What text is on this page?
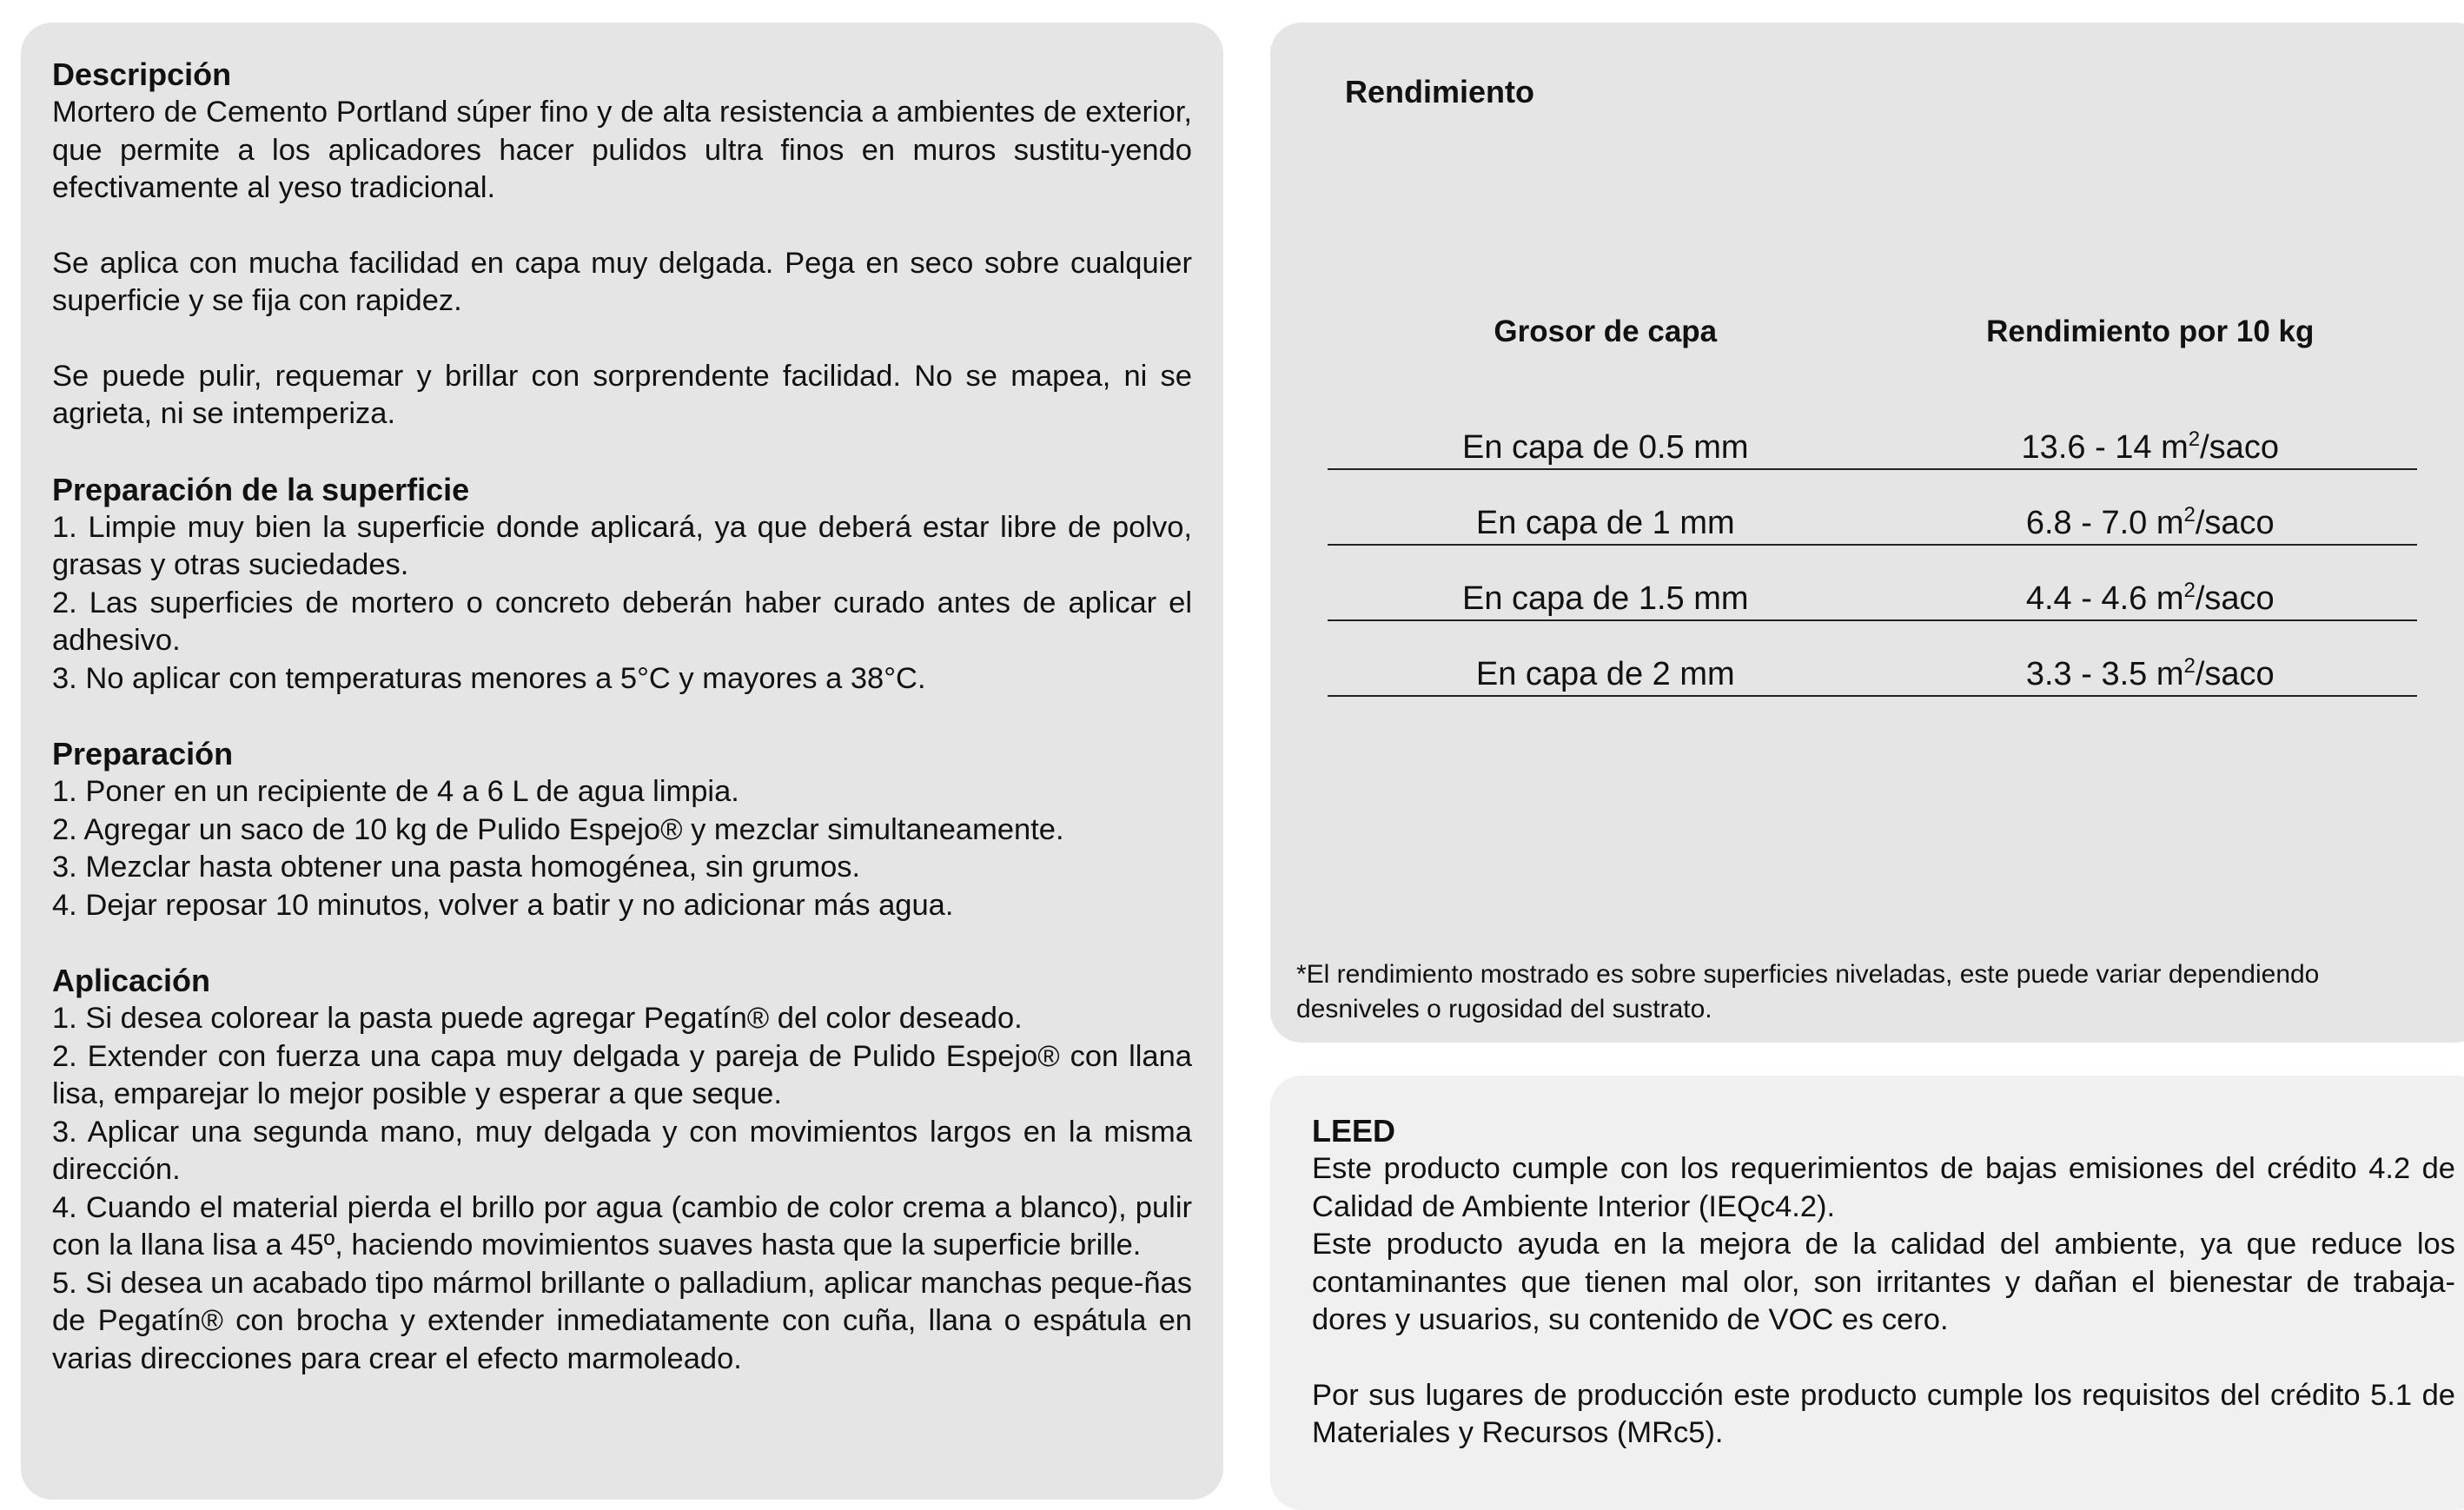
Descripción

Mortero de Cemento Portland súper fino y de alta resistencia a ambientes de exterior, que permite a los aplicadores hacer pulidos ultra finos en muros sustitu-yendo efectivamente al yeso tradicional.

Se aplica con mucha facilidad en capa muy delgada. Pega en seco sobre cualquier superficie y se fija con rapidez.

Se puede pulir, requemar y brillar con sorprendente facilidad. No se mapea, ni se agrieta, ni se intemperiza.

Preparación de la superficie
1. Limpie muy bien la superficie donde aplicará, ya que deberá estar libre de polvo, grasas y otras suciedades.
2. Las superficies de mortero o concreto deberán haber curado antes de aplicar el adhesivo.
3. No aplicar con temperaturas menores a 5°C y mayores a 38°C.
Preparación
1. Poner en un recipiente de 4 a 6 L de agua limpia.
2. Agregar un saco de 10 kg de Pulido Espejo® y mezclar simultaneamente.
3. Mezclar hasta obtener una pasta homogénea, sin grumos.
4. Dejar reposar 10 minutos, volver a batir y no adicionar más agua.
Aplicación
1. Si desea colorear la pasta puede agregar Pegatín® del color deseado.
2. Extender con fuerza una capa muy delgada y pareja de Pulido Espejo® con llana lisa, emparejar lo mejor posible y esperar a que seque.
3. Aplicar una segunda mano, muy delgada y con movimientos largos en la misma dirección.
4. Cuando el material pierda el brillo por agua (cambio de color crema a blanco), pulir con la llana lisa a 45º, haciendo movimientos suaves hasta que la superficie brille.
5. Si desea un acabado tipo mármol brillante o palladium, aplicar manchas peque-ñas de Pegatín® con brocha y extender inmediatamente con cuña, llana o espátula en varias direcciones para crear el efecto marmoleado.
Rendimiento
Grosor de capa	Rendimiento por 10 kg
En capa de 0.5 mm	13.6 - 14 $m^2$/saco
En capa de 1 mm	6.8 - 7.0 $m^2$/saco
En capa de 1.5 mm	4.4 - 4.6 $m^2$/saco
En capa de 2 mm	3.3 - 3.5 $m^2$/saco
*El rendimiento mostrado es sobre superficies niveladas, este puede variar dependiendo desniveles o rugosidad del sustrato.
LEED

Este producto cumple con los requerimientos de bajas emisiones del crédito 4.2 de Calidad de Ambiente Interior (IEQc4.2).

Este producto ayuda en la mejora de la calidad del ambiente, ya que reduce los contaminantes que tienen mal olor, son irritantes y dañan el bienestar de trabaja-dores y usuarios, su contenido de VOC es cero.

Por sus lugares de producción este producto cumple los requisitos del crédito 5.1 de Materiales y Recursos (MRc5).
